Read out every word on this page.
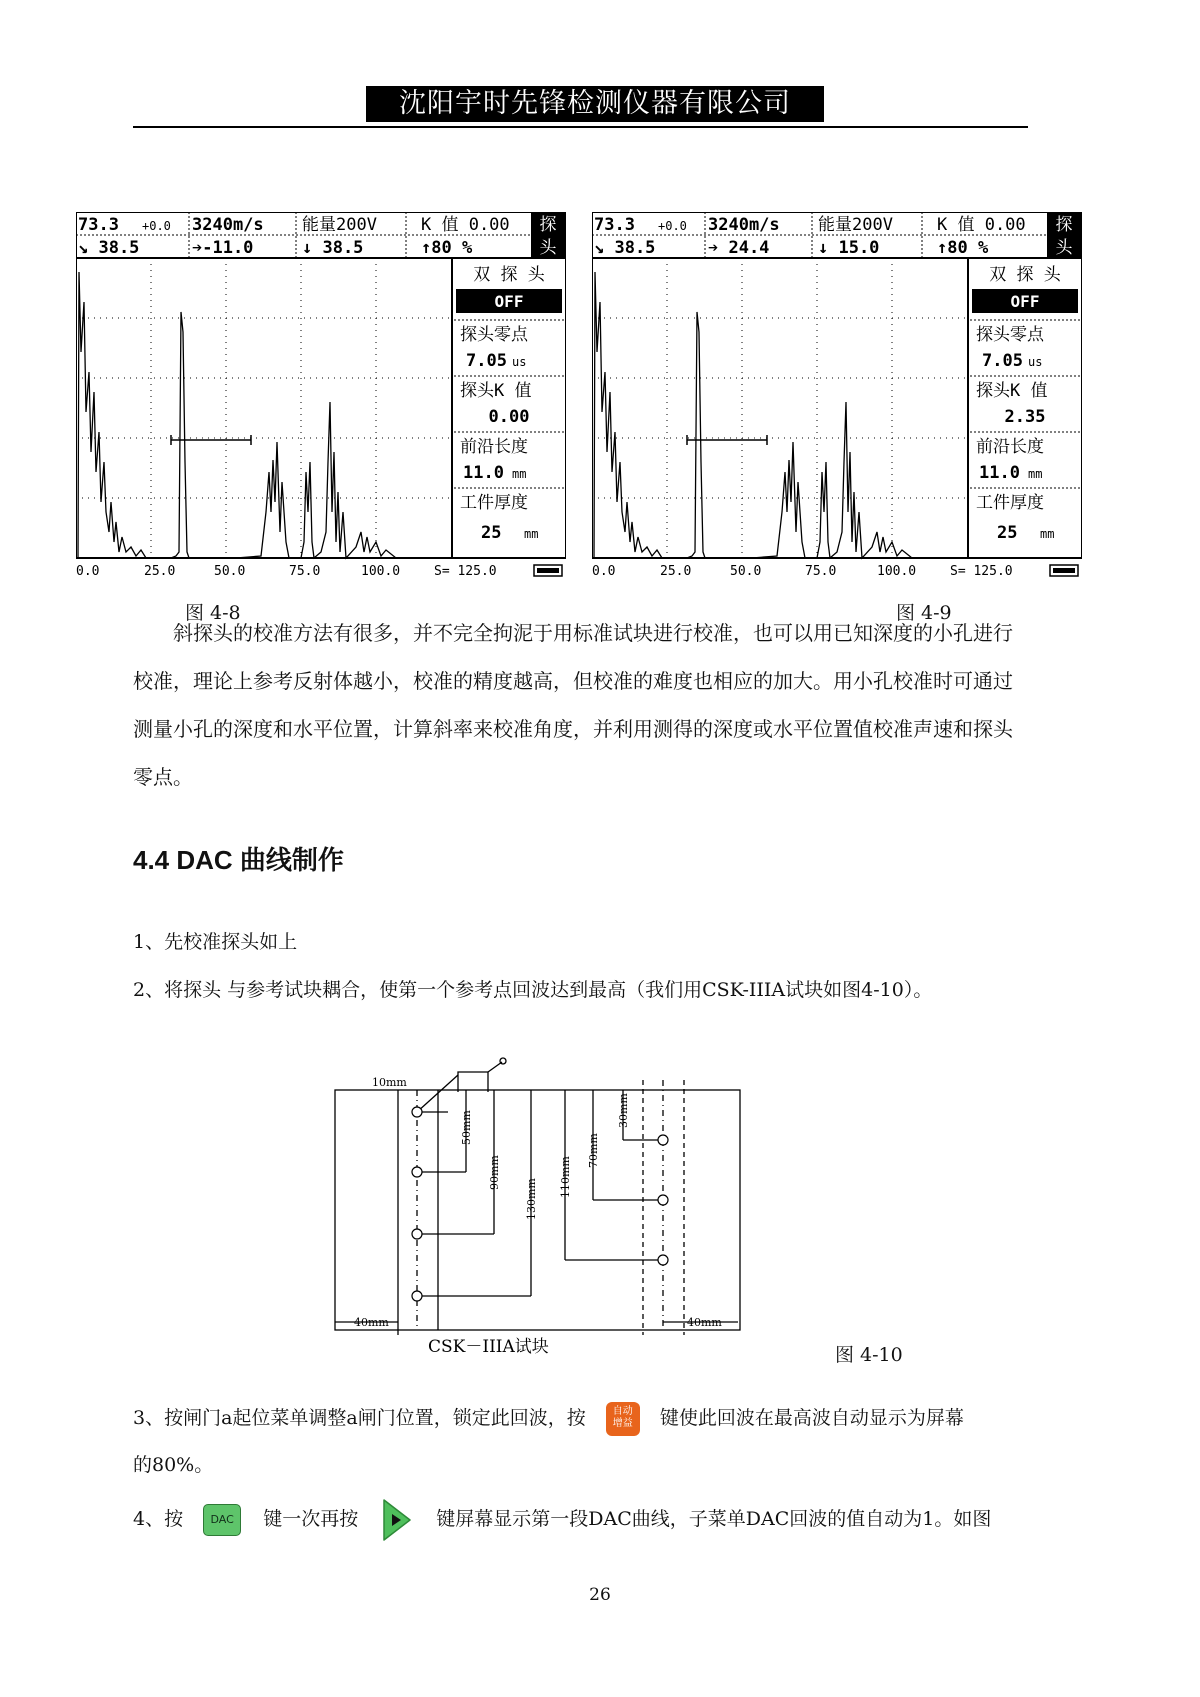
沈阳宇时先锋检测仪器有限公司
73.3 +0.0 3240m/s 能量200V	K 值 0.00
↘ 38.5	➔-11.0	↓ 38.5	↑80 %
探
头
双 探 头
OFF
探头零点
7.05 us
探头K 值
0.00
前沿长度
11.0 mm
工件厚度
25 mm
0.0	25.0	50.0	75.0	100.0	S= 125.0
图 4-8
73.3 +0.0 3240m/s 能量200V	K 值 0.00
↘ 38.5	➔ 24.4	↓ 15.0	↑80 %
探
头
双 探 头
OFF
探头零点
7.05 us
探头K 值
2.35
前沿长度
11.0 mm
工件厚度
25 mm
0.0	25.0	50.0	75.0	100.0	S= 125.0
图 4-9

斜探头的校准方法有很多，并不完全拘泥于用标准试块进行校准，也可以用已知深度的小孔进行校准，理论上参考反射体越小，校准的精度越高，但校准的难度也相应的加大。用小孔校准时可通过测量小孔的深度和水平位置，计算斜率来校准角度，并利用测得的深度或水平位置值校准声速和探头零点。

4.4 DAC 曲线制作
1、先校准探头如上
2、将探头 与参考试块耦合，使第一个参考点回波达到最高（我们用CSK-IIIA试块如图4-10）。
10mm
50mm
90mm
130mm
110mm
70mm
30mm
40mm	40mm
CSK－IIIA试块	图 4-10
3、按闸门a起位菜单调整a闸门位置，锁定此回波，按	自动
增益 键使此回波在最高波自动显示为屏幕
的80%。
4、按 DAC 键一次再按	键屏幕显示第一段DAC曲线，子菜单DAC回波的值自动为1。如图
26
